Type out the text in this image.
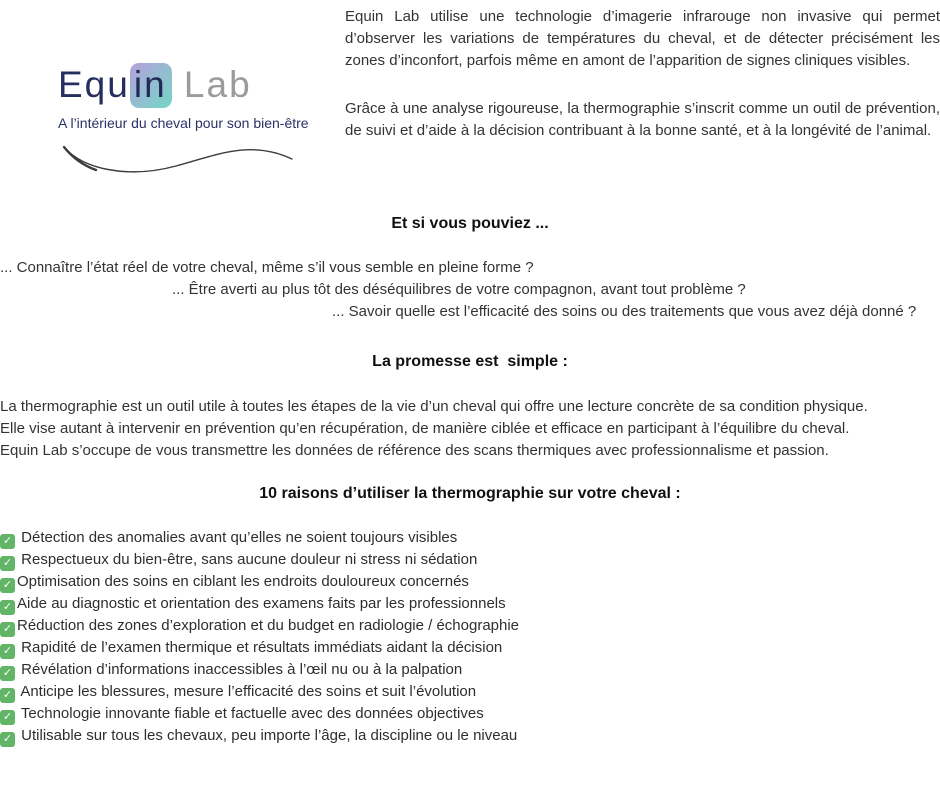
Equ in Lab
A l’intérieur du cheval pour son bien-être

Equin Lab utilise une technologie d’imagerie infrarouge non invasive qui permet d’observer les variations de températures du cheval, et de détecter précisément les zones d’inconfort, parfois même en amont de l’apparition de signes cliniques visibles.

Grâce à une analyse rigoureuse, la thermographie s’inscrit comme un outil de prévention, de suivi et d’aide à la décision contribuant à la bonne santé, et à la longévité de l’animal.

Et si vous pouviez ...
... Connaître l’état réel de votre cheval, même s’il vous semble en pleine forme ?
... Être averti au plus tôt des déséquilibres de votre compagnon, avant tout problème ?
... Savoir quelle est l’efficacité des soins ou des traitements que vous avez déjà donné ?
La promesse est  simple :
La thermographie est un outil utile à toutes les étapes de la vie d’un cheval qui offre une lecture concrète de sa condition physique.
Elle vise autant à intervenir en prévention qu’en récupération, de manière ciblée et efficace en participant à l’équilibre du cheval.
Equin Lab s’occupe de vous transmettre les données de référence des scans thermiques avec professionnalisme et passion.
10 raisons d’utiliser la thermographie sur votre cheval :
✓ Détection des anomalies avant qu’elles ne soient toujours visibles
✓ Respectueux du bien-être, sans aucune douleur ni stress ni sédation
✓ Optimisation des soins en ciblant les endroits douloureux concernés
✓ Aide au diagnostic et orientation des examens faits par les professionnels
✓ Réduction des zones d’exploration et du budget en radiologie / échographie
✓ Rapidité de l’examen thermique et résultats immédiats aidant la décision
✓ Révélation d’informations inaccessibles à l’œil nu ou à la palpation
✓ Anticipe les blessures, mesure l’efficacité des soins et suit l’évolution
✓ Technologie innovante fiable et factuelle avec des données objectives
✓ Utilisable sur tous les chevaux, peu importe l’âge, la discipline ou le niveau
